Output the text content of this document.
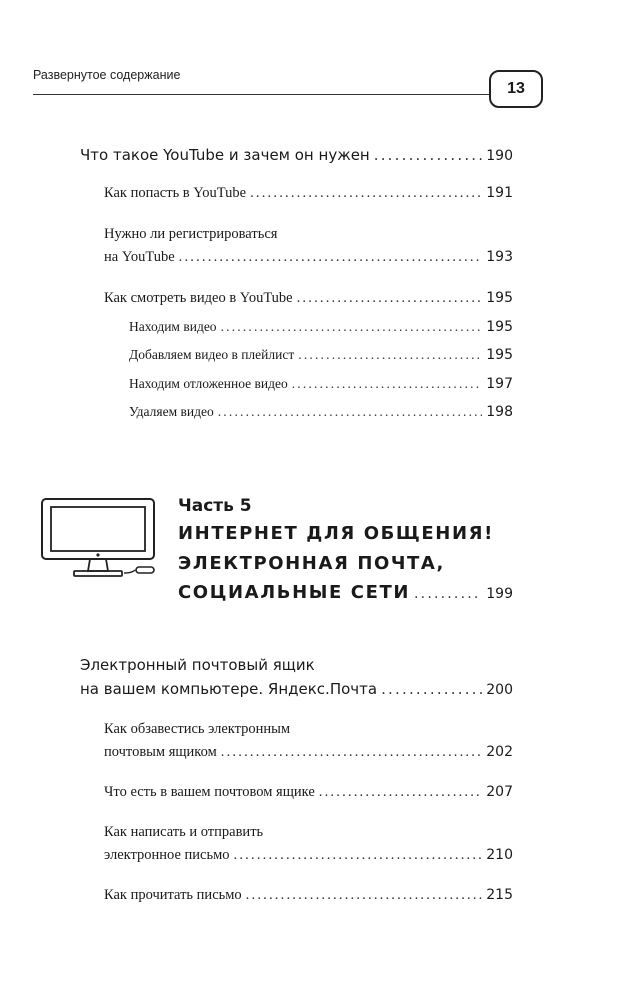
Развернутое содержание
13
Что такое YouTube и зачем он нужен .....	190
Как попасть в YouTube .....	191
Нужно ли регистрироваться
на YouTube .....	193
Как смотреть видео в YouTube .....	195
Находим видео .....	195
Добавляем видео в плейлист .....	195
Находим отложенное видео .....	197
Удаляем видео .....	198
Часть 5
ИНТЕРНЕТ ДЛЯ ОБЩЕНИЯ!
ЭЛЕКТРОННАЯ ПОЧТА,
СОЦИАЛЬНЫЕ СЕТИ .....	199
Электронный почтовый ящик
на вашем компьютере. Яндекс.Почта .....	200
Как обзавестись электронным
почтовым ящиком .....	202
Что есть в вашем почтовом ящике .....	207
Как написать и отправить
электронное письмо .....	210
Как прочитать письмо .....	215
